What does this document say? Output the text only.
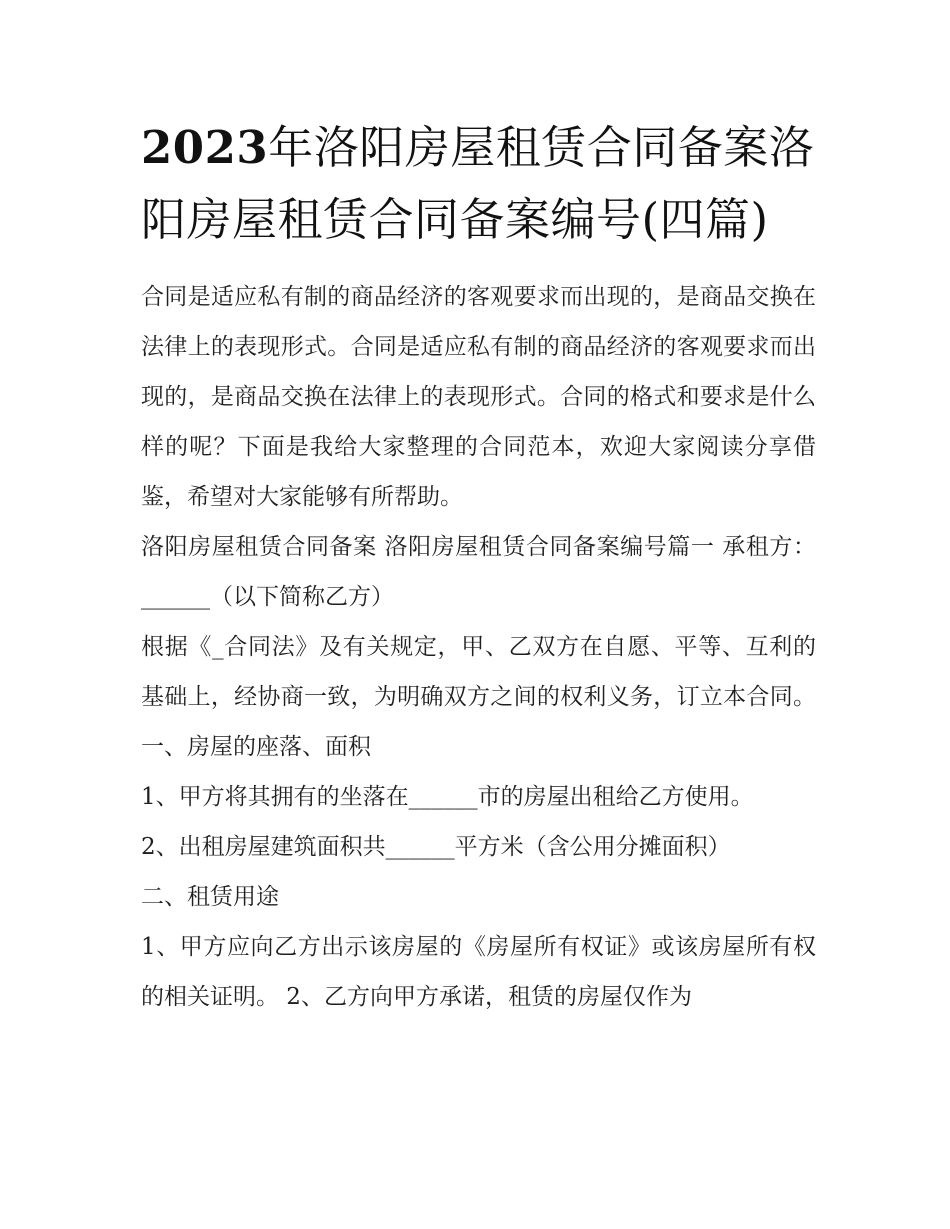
2023年洛阳房屋租赁合同备案洛阳房屋租赁合同备案编号(四篇)

合同是适应私有制的商品经济的客观要求而出现的，是商品交换在法律上的表现形式。合同是适应私有制的商品经济的客观要求而出现的，是商品交换在法律上的表现形式。合同的格式和要求是什么样的呢？下面是我给大家整理的合同范本，欢迎大家阅读分享借鉴，希望对大家能够有所帮助。

洛阳房屋租赁合同备案 洛阳房屋租赁合同备案编号篇一 承租方：______（以下简称乙方）

根据《_合同法》及有关规定，甲、乙双方在自愿、平等、互利的基础上，经协商一致，为明确双方之间的权利义务，订立本合同。 一、房屋的座落、面积

1、甲方将其拥有的坐落在______市的房屋出租给乙方使用。

2、出租房屋建筑面积共______平方米（含公用分摊面积）

二、租赁用途

1、甲方应向乙方出示该房屋的《房屋所有权证》或该房屋所有权的相关证明。 2、乙方向甲方承诺，租赁的房屋仅作为
